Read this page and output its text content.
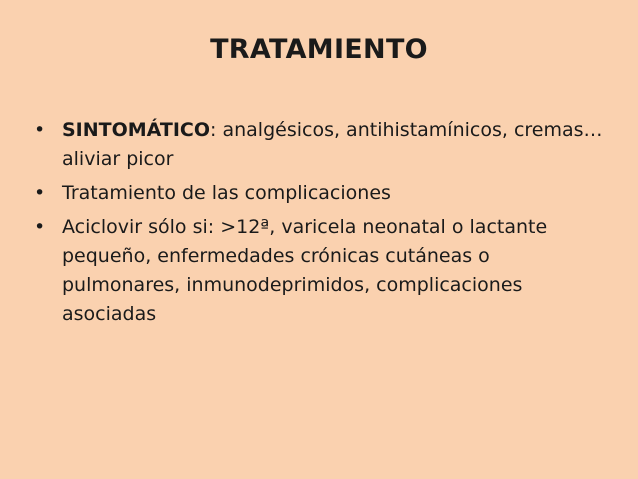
TRATAMIENTO
• SINTOMÁTICO: analgésicos, antihistamínicos, cremas…aliviar picor
• Tratamiento de las complicaciones
• Aciclovir sólo si: >12ª, varicela neonatal o lactante pequeño, enfermedades crónicas cutáneas o pulmonares, inmunodeprimidos, complicaciones asociadas
